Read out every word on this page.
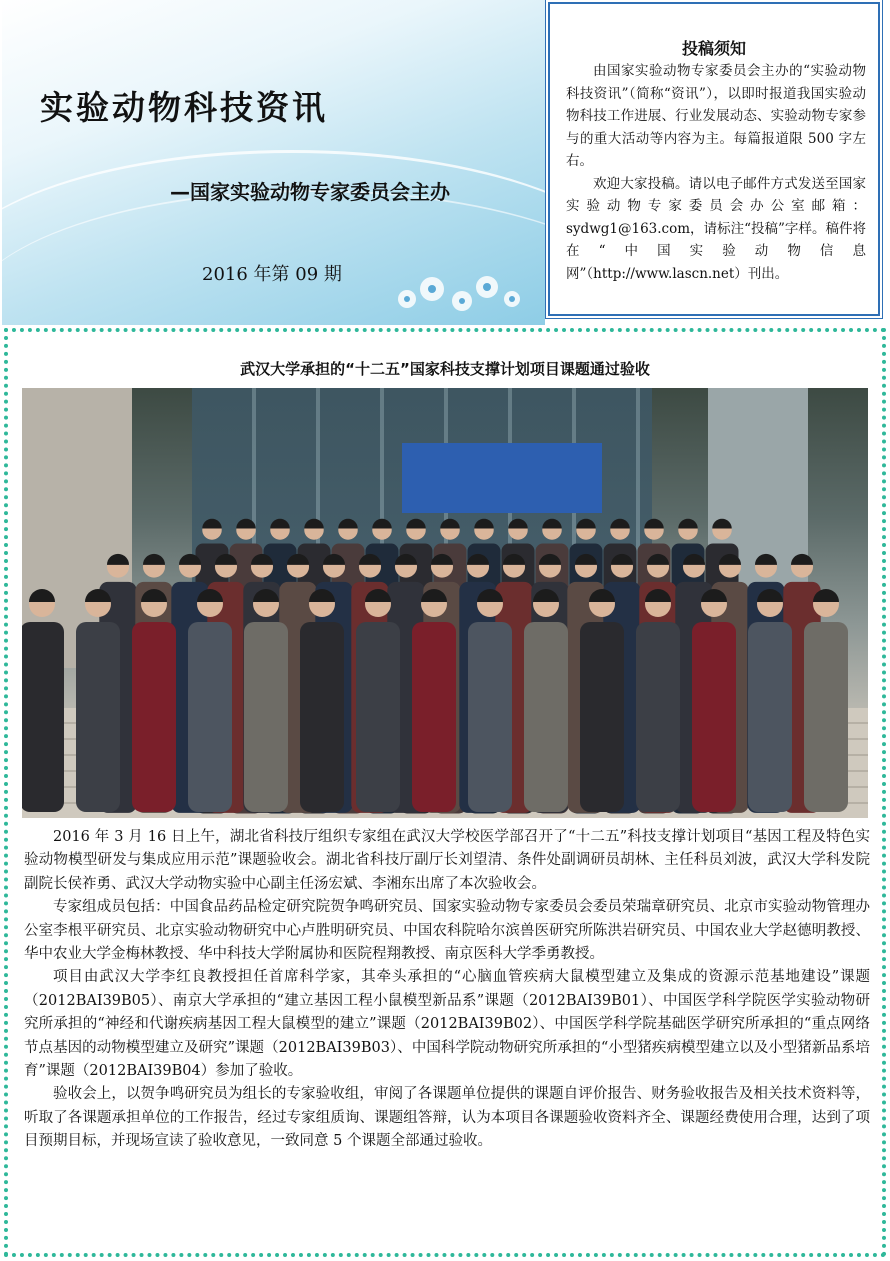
实验动物科技资讯
—国家实验动物专家委员会主办
2016 年第 09 期
投稿须知

由国家实验动物专家委员会主办的“实验动物科技资讯”（简称“资讯”），以即时报道我国实验动物科技工作进展、行业发展动态、实验动物专家参与的重大活动等内容为主。每篇报道限 500 字左右。

欢迎大家投稿。请以电子邮件方式发送至国家实验动物专家委员会办公室邮箱：sydwg1@163.com，请标注“投稿”字样。稿件将在“中国实验动物信息网”（http://www.lascn.net）刊出。

武汉大学承担的“十二五”国家科技支撑计划项目课题通过验收

2016 年 3 月 16 日上午，湖北省科技厅组织专家组在武汉大学校医学部召开了“十二五”科技支撑计划项目“基因工程及特色实验动物模型研发与集成应用示范”课题验收会。湖北省科技厅副厅长刘望清、条件处副调研员胡林、主任科员刘波，武汉大学科发院副院长侯祚勇、武汉大学动物实验中心副主任汤宏斌、李湘东出席了本次验收会。

专家组成员包括：中国食品药品检定研究院贺争鸣研究员、国家实验动物专家委员会委员荣瑞章研究员、北京市实验动物管理办公室李根平研究员、北京实验动物研究中心卢胜明研究员、中国农科院哈尔滨兽医研究所陈洪岩研究员、中国农业大学赵德明教授、华中农业大学金梅林教授、华中科技大学附属协和医院程翔教授、南京医科大学季勇教授。

项目由武汉大学李红良教授担任首席科学家，其牵头承担的“心脑血管疾病大鼠模型建立及集成的资源示范基地建设”课题（2012BAI39B05）、南京大学承担的“建立基因工程小鼠模型新品系”课题（2012BAI39B01）、中国医学科学院医学实验动物研究所承担的“神经和代谢疾病基因工程大鼠模型的建立”课题（2012BAI39B02）、中国医学科学院基础医学研究所承担的“重点网络节点基因的动物模型建立及研究”课题（2012BAI39B03）、中国科学院动物研究所承担的“小型猪疾病模型建立以及小型猪新品系培育”课题（2012BAI39B04）参加了验收。

验收会上，以贺争鸣研究员为组长的专家验收组，审阅了各课题单位提供的课题自评价报告、财务验收报告及相关技术资料等，听取了各课题承担单位的工作报告，经过专家组质询、课题组答辩，认为本项目各课题验收资料齐全、课题经费使用合理，达到了项目预期目标，并现场宣读了验收意见，一致同意 5 个课题全部通过验收。
